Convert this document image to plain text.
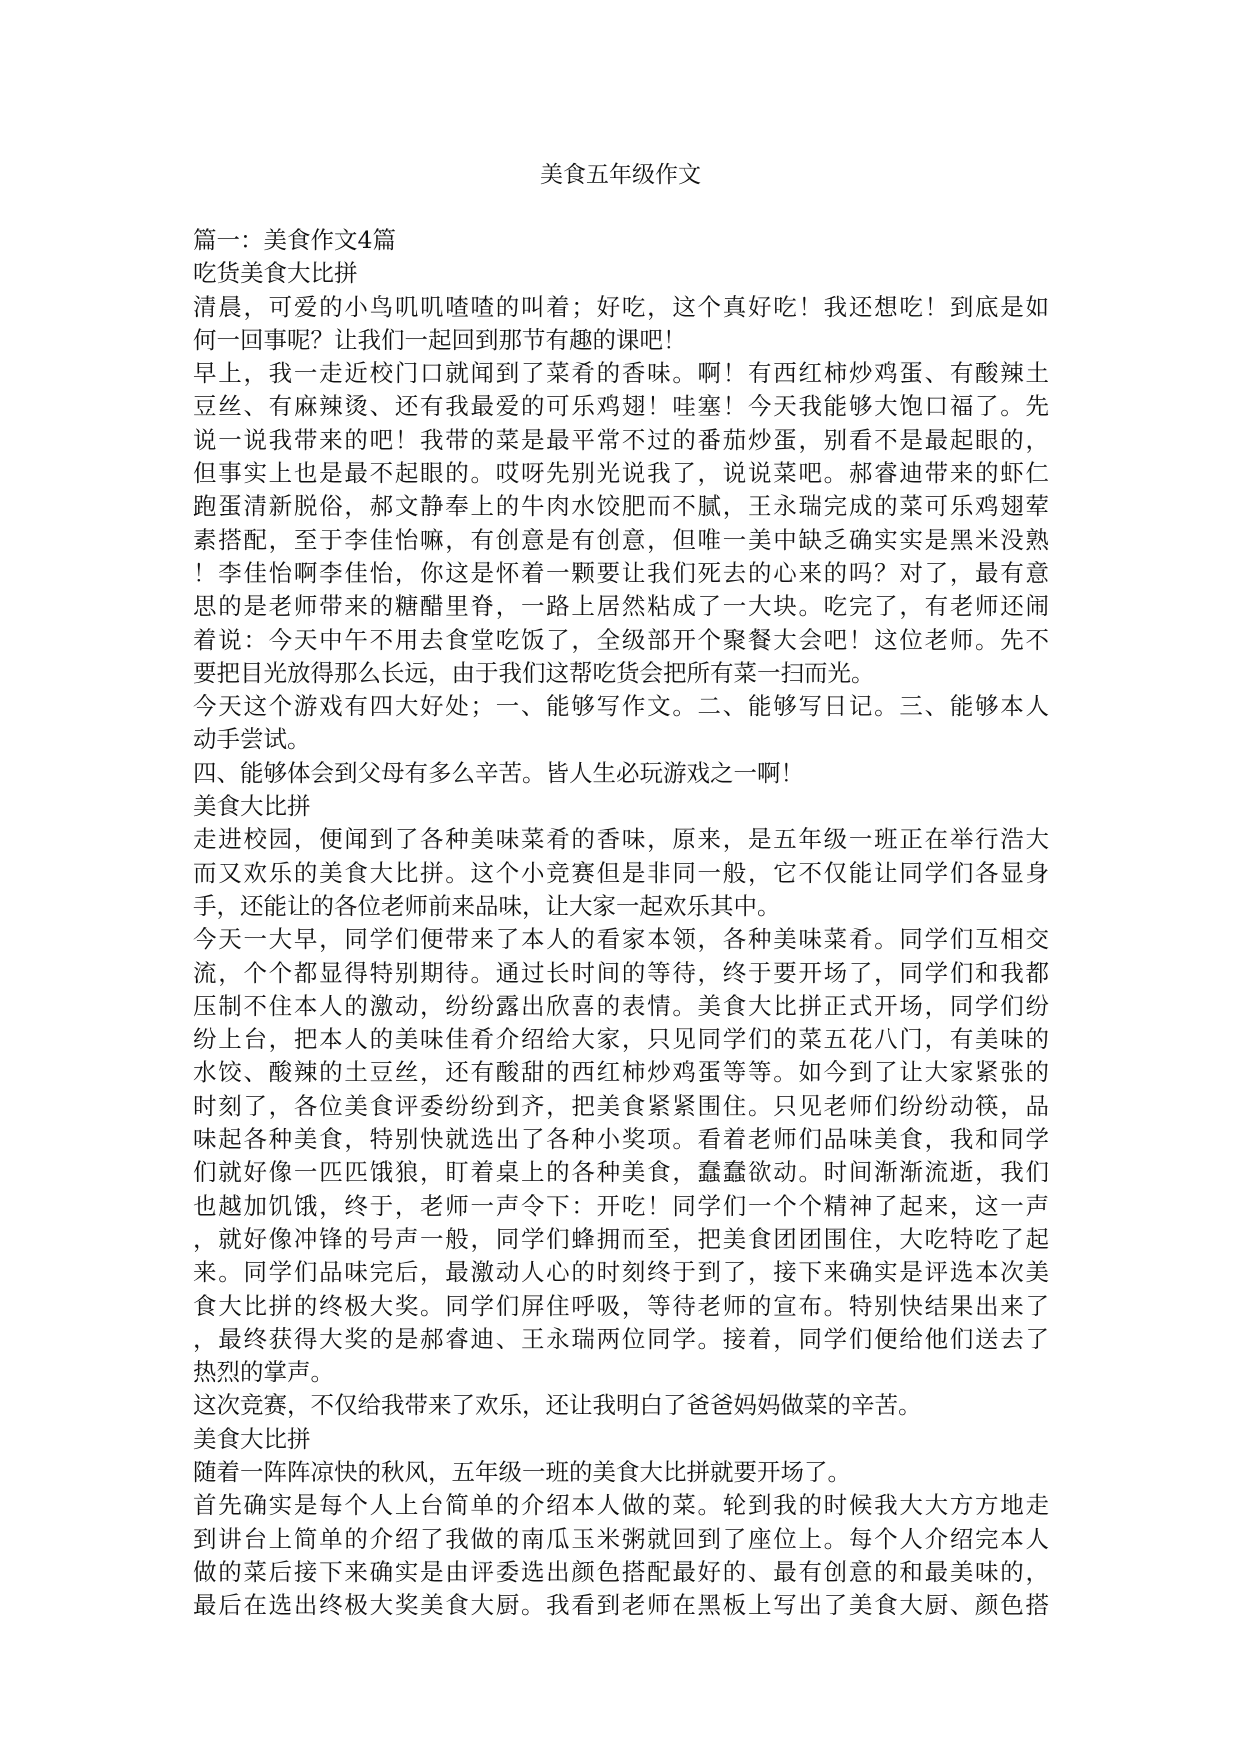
美食五年级作文
篇一：美食作文4篇
吃货美食大比拼
清晨，可爱的小鸟叽叽喳喳的叫着；好吃，这个真好吃！我还想吃！到底是如
何一回事呢？让我们一起回到那节有趣的课吧！
早上，我一走近校门口就闻到了菜肴的香味。啊！有西红柿炒鸡蛋、有酸辣土
豆丝、有麻辣烫、还有我最爱的可乐鸡翅！哇塞！今天我能够大饱口福了。先
说一说我带来的吧！我带的菜是最平常不过的番茄炒蛋，别看不是最起眼的，
但事实上也是最不起眼的。哎呀先别光说我了，说说菜吧。郝睿迪带来的虾仁
跑蛋清新脱俗，郝文静奉上的牛肉水饺肥而不腻，王永瑞完成的菜可乐鸡翅荤
素搭配，至于李佳怡嘛，有创意是有创意，但唯一美中缺乏确实实是黑米没熟
！李佳怡啊李佳怡，你这是怀着一颗要让我们死去的心来的吗？对了，最有意
思的是老师带来的糖醋里脊，一路上居然粘成了一大块。吃完了，有老师还闹
着说：今天中午不用去食堂吃饭了，全级部开个聚餐大会吧！这位老师。先不
要把目光放得那么长远，由于我们这帮吃货会把所有菜一扫而光。
今天这个游戏有四大好处；一、能够写作文。二、能够写日记。三、能够本人
动手尝试。
四、能够体会到父母有多么辛苦。皆人生必玩游戏之一啊！
美食大比拼
走进校园，便闻到了各种美味菜肴的香味，原来，是五年级一班正在举行浩大
而又欢乐的美食大比拼。这个小竞赛但是非同一般，它不仅能让同学们各显身
手，还能让的各位老师前来品味，让大家一起欢乐其中。
今天一大早，同学们便带来了本人的看家本领，各种美味菜肴。同学们互相交
流，个个都显得特别期待。通过长时间的等待，终于要开场了，同学们和我都
压制不住本人的激动，纷纷露出欣喜的表情。美食大比拼正式开场，同学们纷
纷上台，把本人的美味佳肴介绍给大家，只见同学们的菜五花八门，有美味的
水饺、酸辣的土豆丝，还有酸甜的西红柿炒鸡蛋等等。如今到了让大家紧张的
时刻了，各位美食评委纷纷到齐，把美食紧紧围住。只见老师们纷纷动筷，品
味起各种美食，特别快就选出了各种小奖项。看着老师们品味美食，我和同学
们就好像一匹匹饿狼，盯着桌上的各种美食，蠢蠢欲动。时间渐渐流逝，我们
也越加饥饿，终于，老师一声令下：开吃！同学们一个个精神了起来，这一声
，就好像冲锋的号声一般，同学们蜂拥而至，把美食团团围住，大吃特吃了起
来。同学们品味完后，最激动人心的时刻终于到了，接下来确实是评选本次美
食大比拼的终极大奖。同学们屏住呼吸，等待老师的宣布。特别快结果出来了
，最终获得大奖的是郝睿迪、王永瑞两位同学。接着，同学们便给他们送去了
热烈的掌声。
这次竞赛，不仅给我带来了欢乐，还让我明白了爸爸妈妈做菜的辛苦。
美食大比拼
随着一阵阵凉快的秋风，五年级一班的美食大比拼就要开场了。
首先确实是每个人上台简单的介绍本人做的菜。轮到我的时候我大大方方地走
到讲台上简单的介绍了我做的南瓜玉米粥就回到了座位上。每个人介绍完本人
做的菜后接下来确实是由评委选出颜色搭配最好的、最有创意的和最美味的，
最后在选出终极大奖美食大厨。我看到老师在黑板上写出了美食大厨、颜色搭
